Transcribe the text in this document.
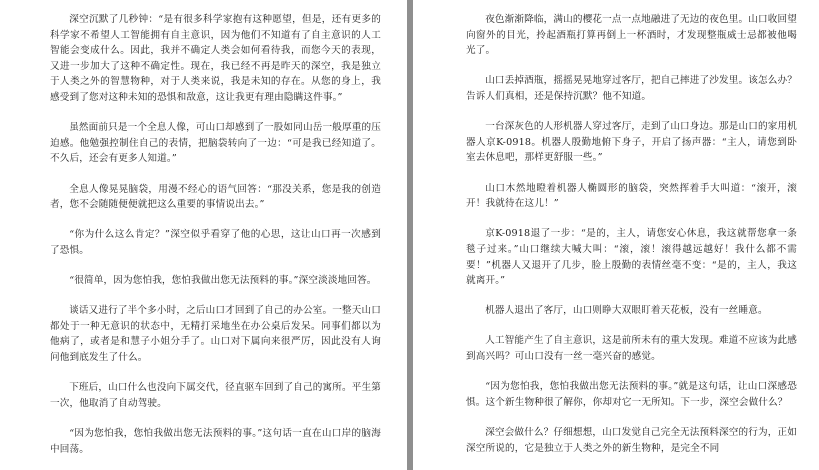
深空沉默了几秒钟：“是有很多科学家抱有这种愿望，但是，还有更多的科学家不希望人工智能拥有自主意识，因为他们不知道有了自主意识的人工智能会变成什么。因此，我并不确定人类会如何看待我，而您今天的表现，又进一步加大了这种不确定性。现在，我已经不再是昨天的深空，我是独立于人类之外的智慧物种，对于人类来说，我是未知的存在。从您的身上，我感受到了您对这种未知的恐惧和敌意，这让我更有理由隐瞒这件事。”

虽然面前只是一个全息人像，可山口却感到了一股如同山岳一般厚重的压迫感。他勉强控制住自己的表情，把脑袋转向了一边：“可是我已经知道了。不久后，还会有更多人知道。”

全息人像晃晃脑袋，用漫不经心的语气回答：“那没关系，您是我的创造者，您不会随随便便就把这么重要的事情说出去。”

“你为什么这么肯定？”深空似乎看穿了他的心思，这让山口再一次感到了恐惧。

“很简单，因为您怕我，您怕我做出您无法预料的事。”深空淡淡地回答。

谈话又进行了半个多小时，之后山口才回到了自己的办公室。一整天山口都处于一种无意识的状态中，无精打采地坐在办公桌后发呆。同事们都以为他病了，或者是和慧子小姐分手了。山口对下属向来很严厉，因此没有人询问他到底发生了什么。

下班后，山口什么也没向下属交代，径直驱车回到了自己的寓所。平生第一次，他取消了自动驾驶。

“因为您怕我，您怕我做出您无法预料的事。”这句话一直在山口岸的脑海中回荡。

夜色渐渐降临，满山的樱花一点一点地融进了无边的夜色里。山口收回望向窗外的目光，拎起酒瓶打算再倒上一杯酒时，才发现整瓶威士忌都被他喝光了。

山口丢掉酒瓶，摇摇晃晃地穿过客厅，把自己摔进了沙发里。该怎么办？告诉人们真相，还是保持沉默？他不知道。

一台深灰色的人形机器人穿过客厅，走到了山口身边。那是山口的家用机器人京K-0918。机器人殷勤地俯下身子，开启了扬声器：“主人，请您到卧室去休息吧，那样更舒服一些。”

山口木然地瞪着机器人椭圆形的脑袋，突然挥着手大叫道：“滚开，滚开！我就待在这儿！”

京K-0918退了一步：“是的，主人，请您安心休息，我这就帮您拿一条毯子过来。”山口继续大喊大叫：“滚，滚！滚得越远越好！我什么都不需要！”机器人又退开了几步，脸上殷勤的表情丝毫不变：“是的，主人，我这就离开。”

机器人退出了客厅，山口则睁大双眼盯着天花板，没有一丝睡意。

人工智能产生了自主意识，这是前所未有的重大发现。难道不应该为此感到高兴吗？可山口没有一丝一毫兴奋的感觉。

“因为您怕我，您怕我做出您无法预料的事。”就是这句话，让山口深感恐惧。这个新生物种很了解你，你却对它一无所知。下一步，深空会做什么？

深空会做什么？仔细想想，山口发觉自己完全无法预料深空的行为，正如深空所说的，它是独立于人类之外的新生物种，是完全不同
